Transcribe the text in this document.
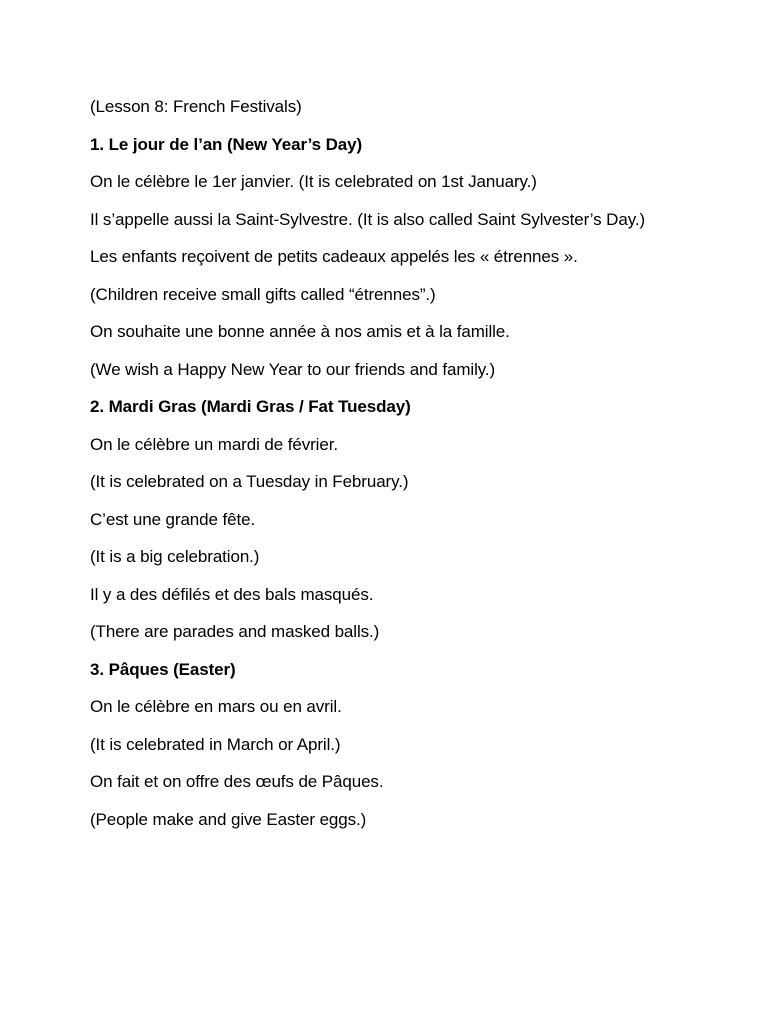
(Lesson 8: French Festivals)

1. Le jour de l’an (New Year’s Day)

On le célèbre le 1er janvier. (It is celebrated on 1st January.)

Il s’appelle aussi la Saint-Sylvestre. (It is also called Saint Sylvester’s Day.)

Les enfants reçoivent de petits cadeaux appelés les « étrennes ».

(Children receive small gifts called “étrennes”.)

On souhaite une bonne année à nos amis et à la famille.

(We wish a Happy New Year to our friends and family.)

2. Mardi Gras (Mardi Gras / Fat Tuesday)

On le célèbre un mardi de février.

(It is celebrated on a Tuesday in February.)

C’est une grande fête.

(It is a big celebration.)

Il y a des défilés et des bals masqués.

(There are parades and masked balls.)

3. Pâques (Easter)

On le célèbre en mars ou en avril.

(It is celebrated in March or April.)

On fait et on offre des œufs de Pâques.

(People make and give Easter eggs.)
